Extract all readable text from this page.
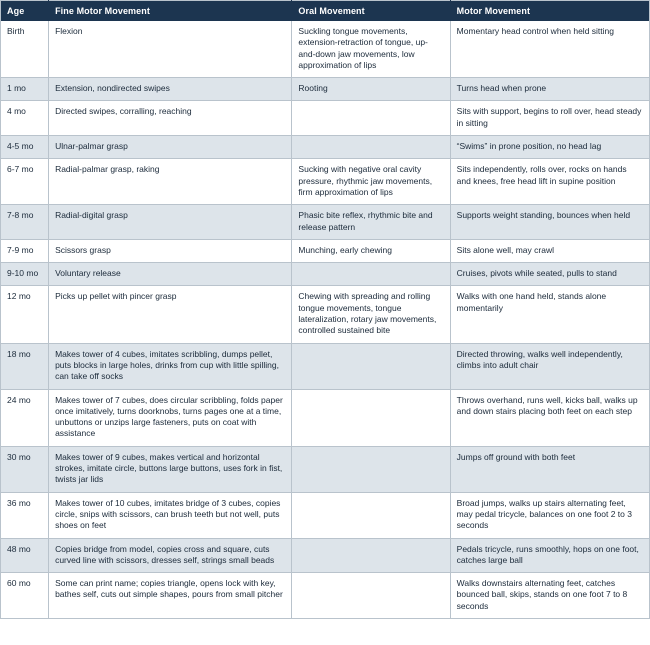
Age	Fine Motor Movement	Oral Movement	Motor Movement
Birth	Flexion	Suckling tongue movements, extension-retraction of tongue, up-and-down jaw movements, low approximation of lips	Momentary head control when held sitting
1 mo	Extension, nondirected swipes	Rooting	Turns head when prone
4 mo	Directed swipes, corralling, reaching		Sits with support, begins to roll over, head steady in sitting
4-5 mo	Ulnar-palmar grasp		“Swims” in prone position, no head lag
6-7 mo	Radial-palmar grasp, raking	Sucking with negative oral cavity pressure, rhythmic jaw movements, firm approximation of lips	Sits independently, rolls over, rocks on hands and knees, free head lift in supine position
7-8 mo	Radial-digital grasp	Phasic bite reflex, rhythmic bite and release pattern	Supports weight standing, bounces when held
7-9 mo	Scissors grasp	Munching, early chewing	Sits alone well, may crawl
9-10 mo	Voluntary release		Cruises, pivots while seated, pulls to stand
12 mo	Picks up pellet with pincer grasp	Chewing with spreading and rolling tongue movements, tongue lateralization, rotary jaw movements, controlled sustained bite	Walks with one hand held, stands alone momentarily
18 mo	Makes tower of 4 cubes, imitates scribbling, dumps pellet, puts blocks in large holes, drinks from cup with little spilling, can take off socks		Directed throwing, walks well independently, climbs into adult chair
24 mo	Makes tower of 7 cubes, does circular scribbling, folds paper once imitatively, turns doorknobs, turns pages one at a time, unbuttons or unzips large fasteners, puts on coat with assistance		Throws overhand, runs well, kicks ball, walks up and down stairs placing both feet on each step
30 mo	Makes tower of 9 cubes, makes vertical and horizontal strokes, imitate circle, buttons large buttons, uses fork in fist, twists jar lids		Jumps off ground with both feet
36 mo	Makes tower of 10 cubes, imitates bridge of 3 cubes, copies circle, snips with scissors, can brush teeth but not well, puts shoes on feet		Broad jumps, walks up stairs alternating feet, may pedal tricycle, balances on one foot 2 to 3 seconds
48 mo	Copies bridge from model, copies cross and square, cuts curved line with scissors, dresses self, strings small beads		Pedals tricycle, runs smoothly, hops on one foot, catches large ball
60 mo	Some can print name; copies triangle, opens lock with key, bathes self, cuts out simple shapes, pours from small pitcher		Walks downstairs alternating feet, catches bounced ball, skips, stands on one foot 7 to 8 seconds
